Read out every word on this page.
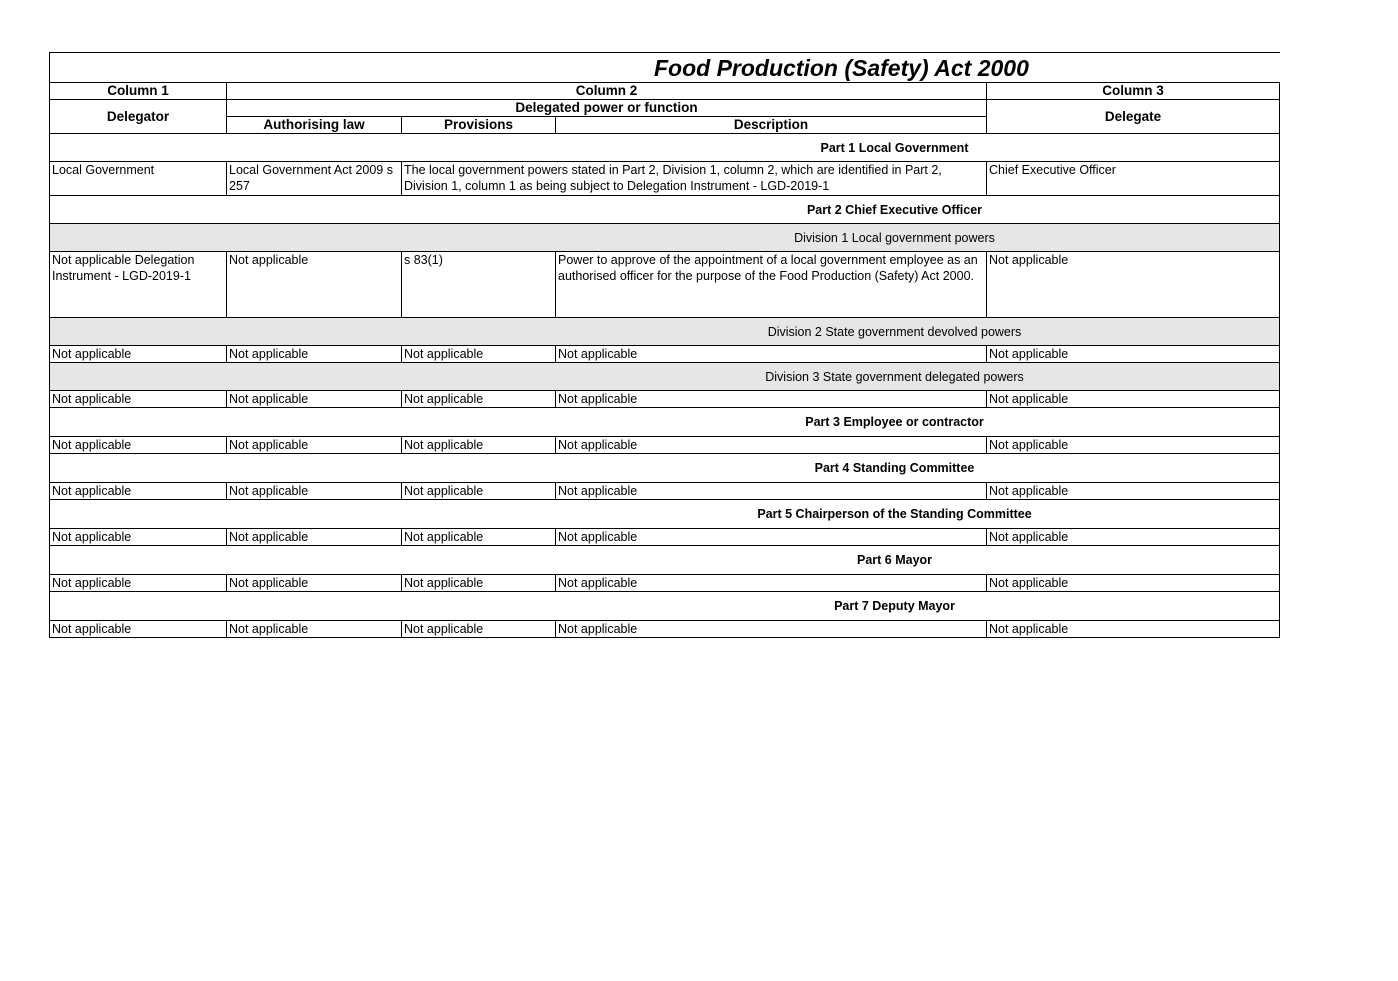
Food Production (Safety) Act 2000				

Column 1	Column 2			Column 3
Delegator	Delegated power or function			Delegate
	Authorising law	Provisions	Description	
Part 1 Local Government				
Local Government	Local Government Act 2009 s 257	The local government powers stated in Part 2, Division 1, column 2, which are identified in Part 2, Division 1, column 1 as being subject to Delegation Instrument - LGD-2019-1		Chief Executive Officer
Part 2 Chief Executive Officer				
Division 1 Local government powers				
Not applicable Delegation Instrument - LGD-2019-1	Not applicable	s 83(1)	Power to approve of the appointment of a local government employee as an authorised officer for the purpose of the Food Production (Safety) Act 2000.	Not applicable
Division 2 State government devolved powers				
Not applicable	Not applicable	Not applicable	Not applicable	Not applicable
Division 3 State government delegated powers				
Not applicable	Not applicable	Not applicable	Not applicable	Not applicable
Part 3 Employee or contractor				
Not applicable	Not applicable	Not applicable	Not applicable	Not applicable
Part 4 Standing Committee				
Not applicable	Not applicable	Not applicable	Not applicable	Not applicable
Part 5 Chairperson of the Standing Committee				
Not applicable	Not applicable	Not applicable	Not applicable	Not applicable
Part 6 Mayor				
Not applicable	Not applicable	Not applicable	Not applicable	Not applicable
Part 7 Deputy Mayor				
Not applicable	Not applicable	Not applicable	Not applicable	Not applicable
